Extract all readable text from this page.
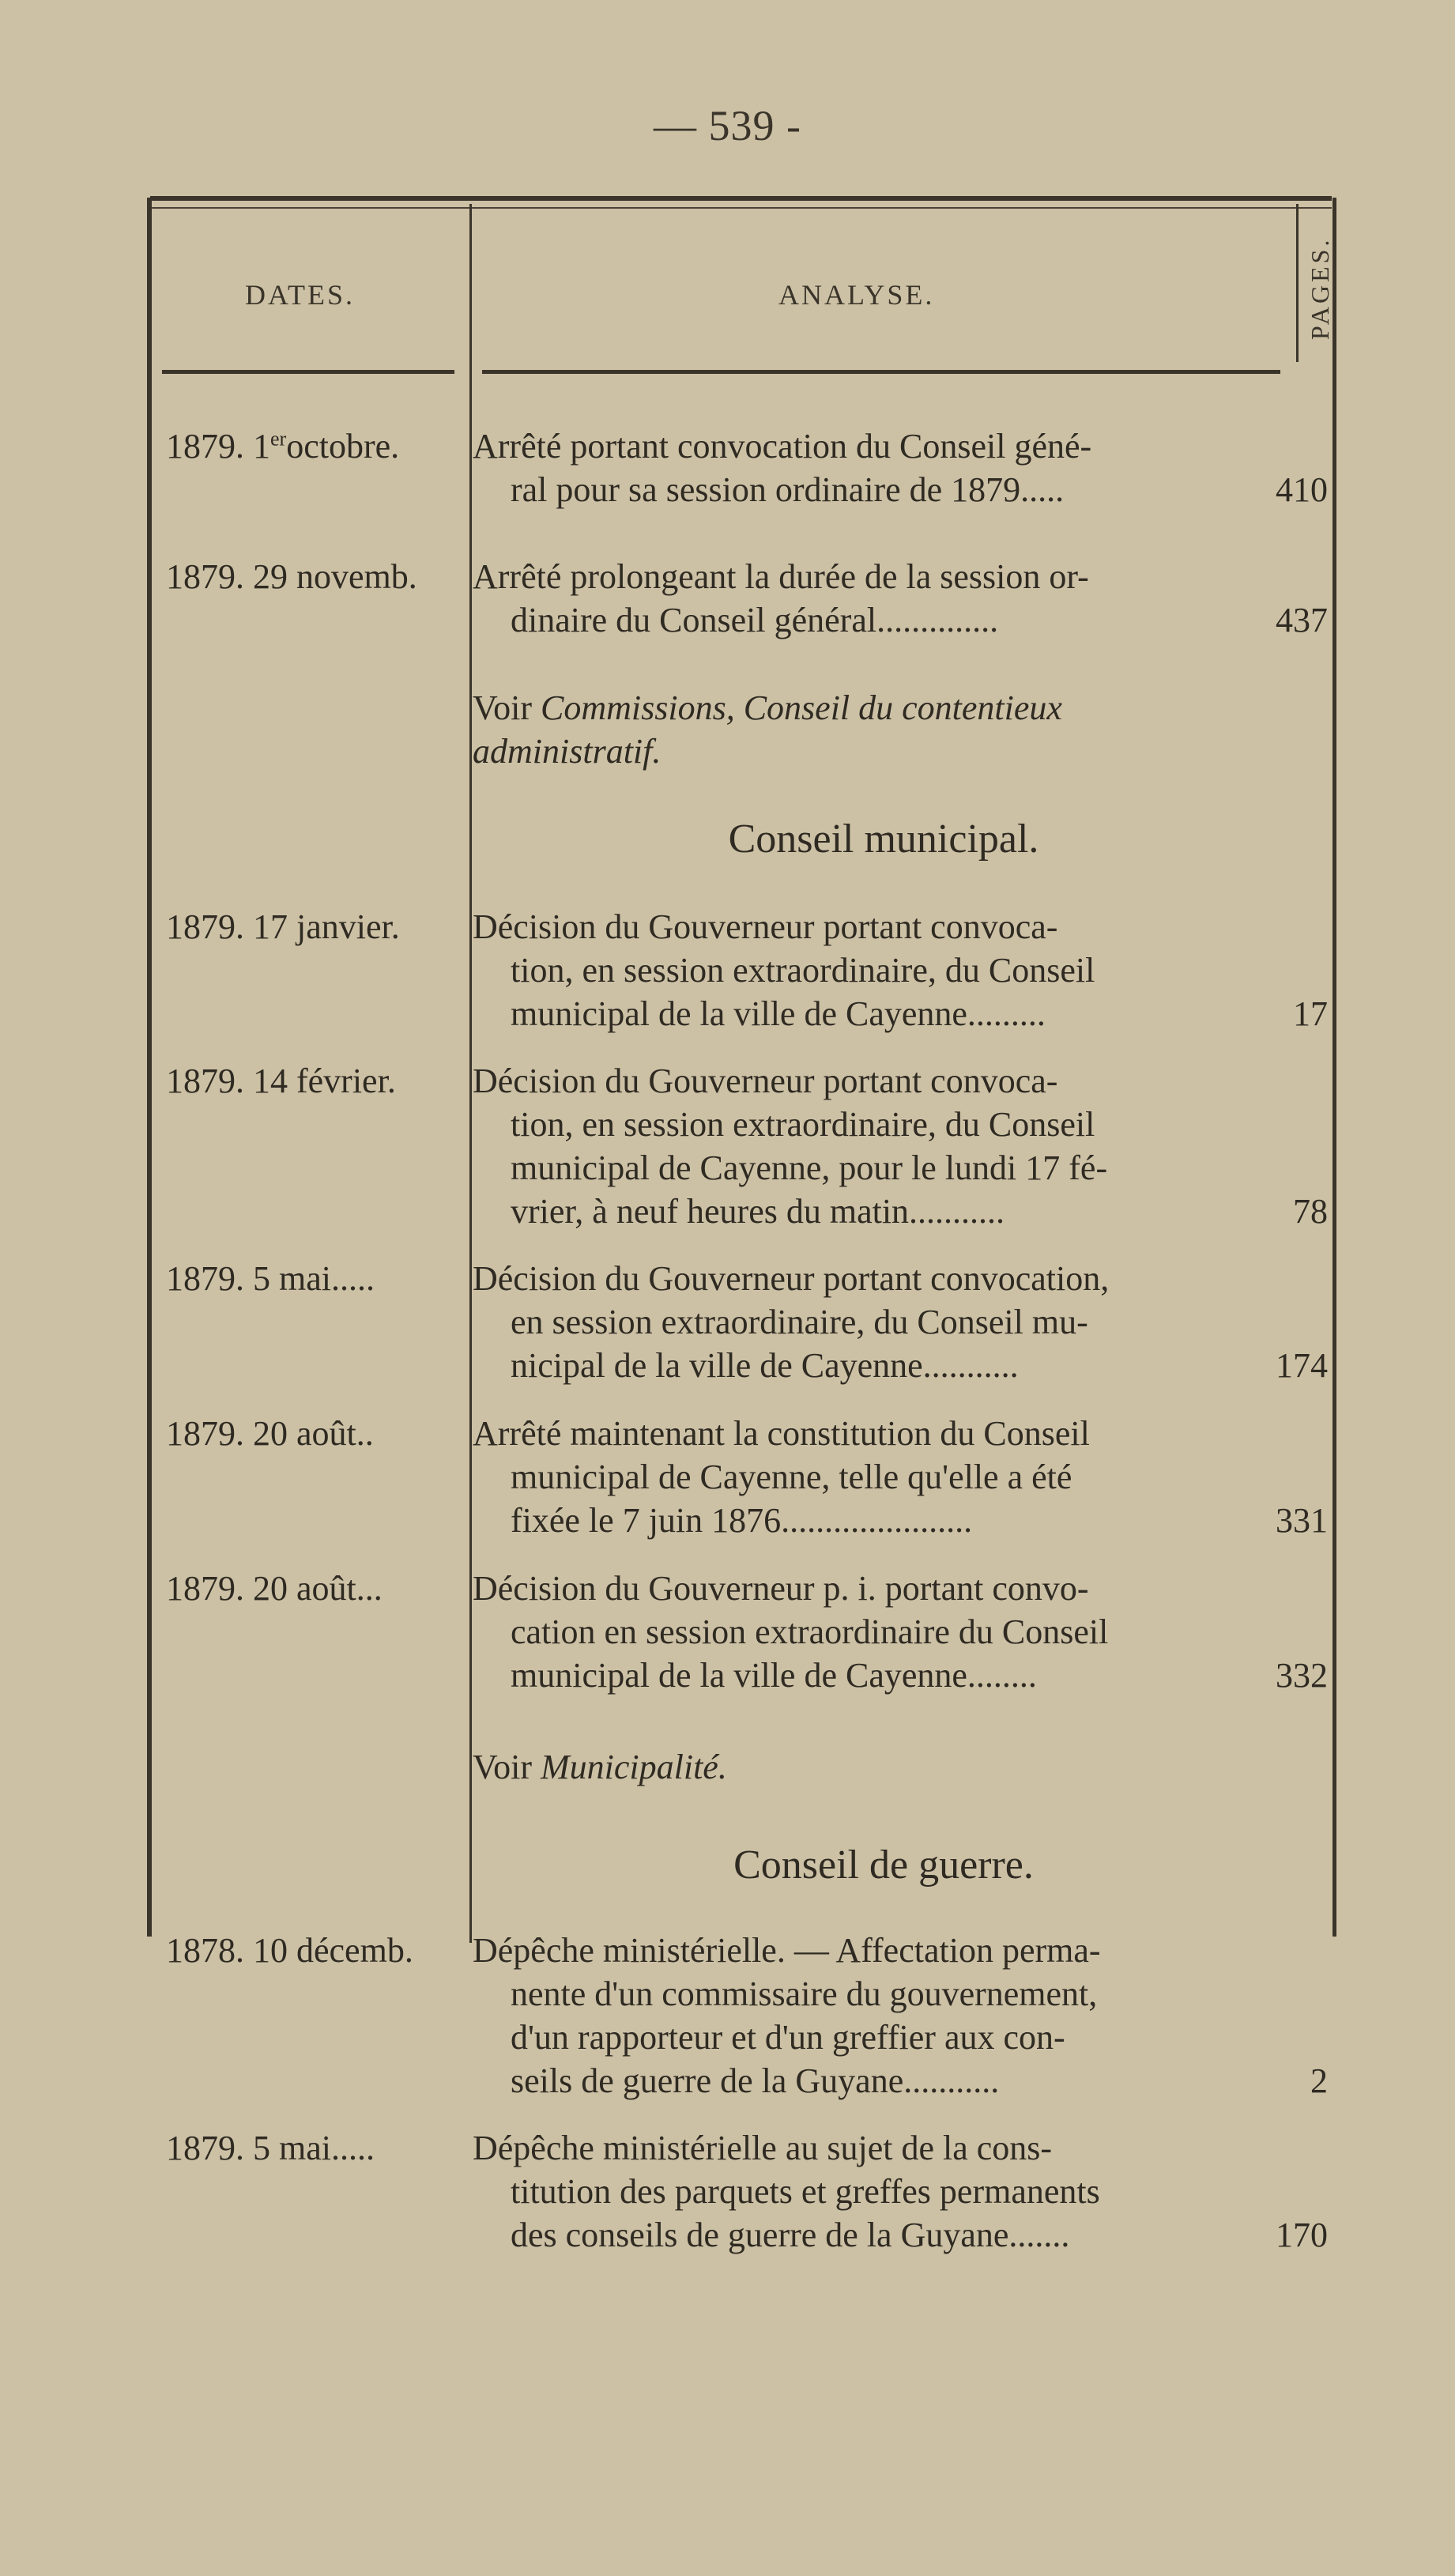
— 539 -
DATES.	ANALYSE.	PAGES.
1879. 1eroctobre.	Arrêté portant convocation du Conseil géné-
ral pour sa session ordinaire de 1879.....	410
1879. 29 novemb.	Arrêté prolongeant la durée de la session or-
dinaire du Conseil général..............	437
Voir Commissions, Conseil du contentieux
administratif.
Conseil municipal.
1879. 17 janvier.	Décision du Gouverneur portant convoca-
tion, en session extraordinaire, du Conseil
municipal de la ville de Cayenne.........	17
1879. 14 février.	Décision du Gouverneur portant convoca-
tion, en session extraordinaire, du Conseil
municipal de Cayenne, pour le lundi 17 fé-
vrier, à neuf heures du matin...........	78
1879. 5 mai.....	Décision du Gouverneur portant convocation,
en session extraordinaire, du Conseil mu-
nicipal de la ville de Cayenne...........	174
1879. 20 août..	Arrêté maintenant la constitution du Conseil
municipal de Cayenne, telle qu'elle a été
fixée le 7 juin 1876......................	331
1879. 20 août...	Décision du Gouverneur p. i. portant convo-
cation en session extraordinaire du Conseil
municipal de la ville de Cayenne........	332
Voir Municipalité.
Conseil de guerre.
1878. 10 décemb.	Dépêche ministérielle. — Affectation perma-
nente d'un commissaire du gouvernement,
d'un rapporteur et d'un greffier aux con-
seils de guerre de la Guyane...........	2
1879. 5 mai.....	Dépêche ministérielle au sujet de la cons-
titution des parquets et greffes permanents
des conseils de guerre de la Guyane.......	170
